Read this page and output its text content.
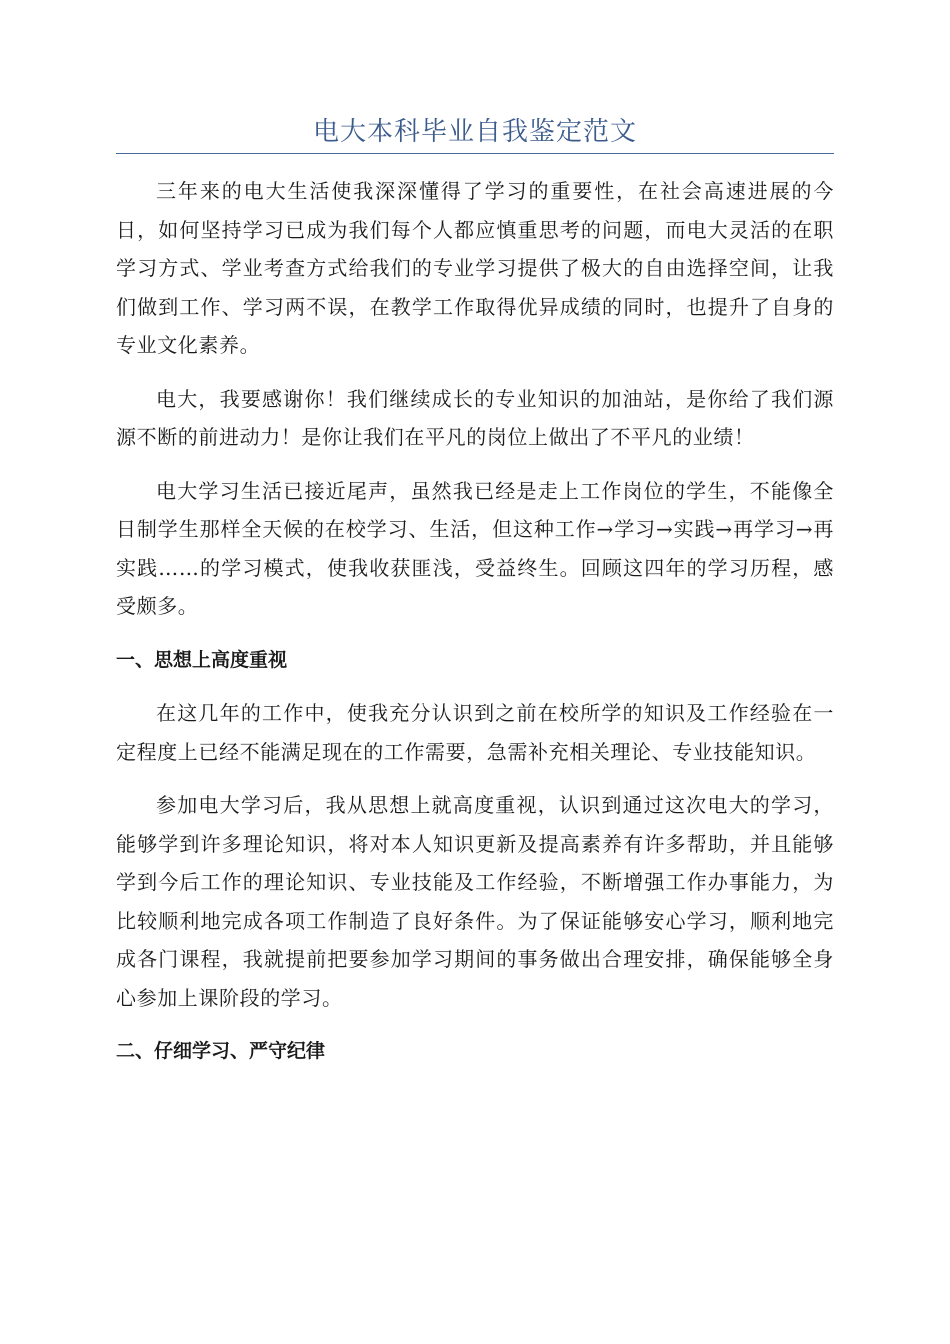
电大本科毕业自我鉴定范文

三年来的电大生活使我深深懂得了学习的重要性，在社会高速进展的今日，如何坚持学习已成为我们每个人都应慎重思考的问题，而电大灵活的在职学习方式、学业考查方式给我们的专业学习提供了极大的自由选择空间，让我们做到工作、学习两不误，在教学工作取得优异成绩的同时，也提升了自身的专业文化素养。

电大，我要感谢你！我们继续成长的专业知识的加油站，是你给了我们源源不断的前进动力！是你让我们在平凡的岗位上做出了不平凡的业绩！

电大学习生活已接近尾声，虽然我已经是走上工作岗位的学生，不能像全日制学生那样全天候的在校学习、生活，但这种工作→学习→实践→再学习→再实践……的学习模式，使我收获匪浅，受益终生。回顾这四年的学习历程，感受颇多。

一、思想上高度重视

在这几年的工作中，使我充分认识到之前在校所学的知识及工作经验在一定程度上已经不能满足现在的工作需要，急需补充相关理论、专业技能知识。

参加电大学习后，我从思想上就高度重视，认识到通过这次电大的学习，能够学到许多理论知识，将对本人知识更新及提高素养有许多帮助，并且能够学到今后工作的理论知识、专业技能及工作经验，不断增强工作办事能力，为比较顺利地完成各项工作制造了良好条件。为了保证能够安心学习，顺利地完成各门课程，我就提前把要参加学习期间的事务做出合理安排，确保能够全身心参加上课阶段的学习。

二、仔细学习、严守纪律
